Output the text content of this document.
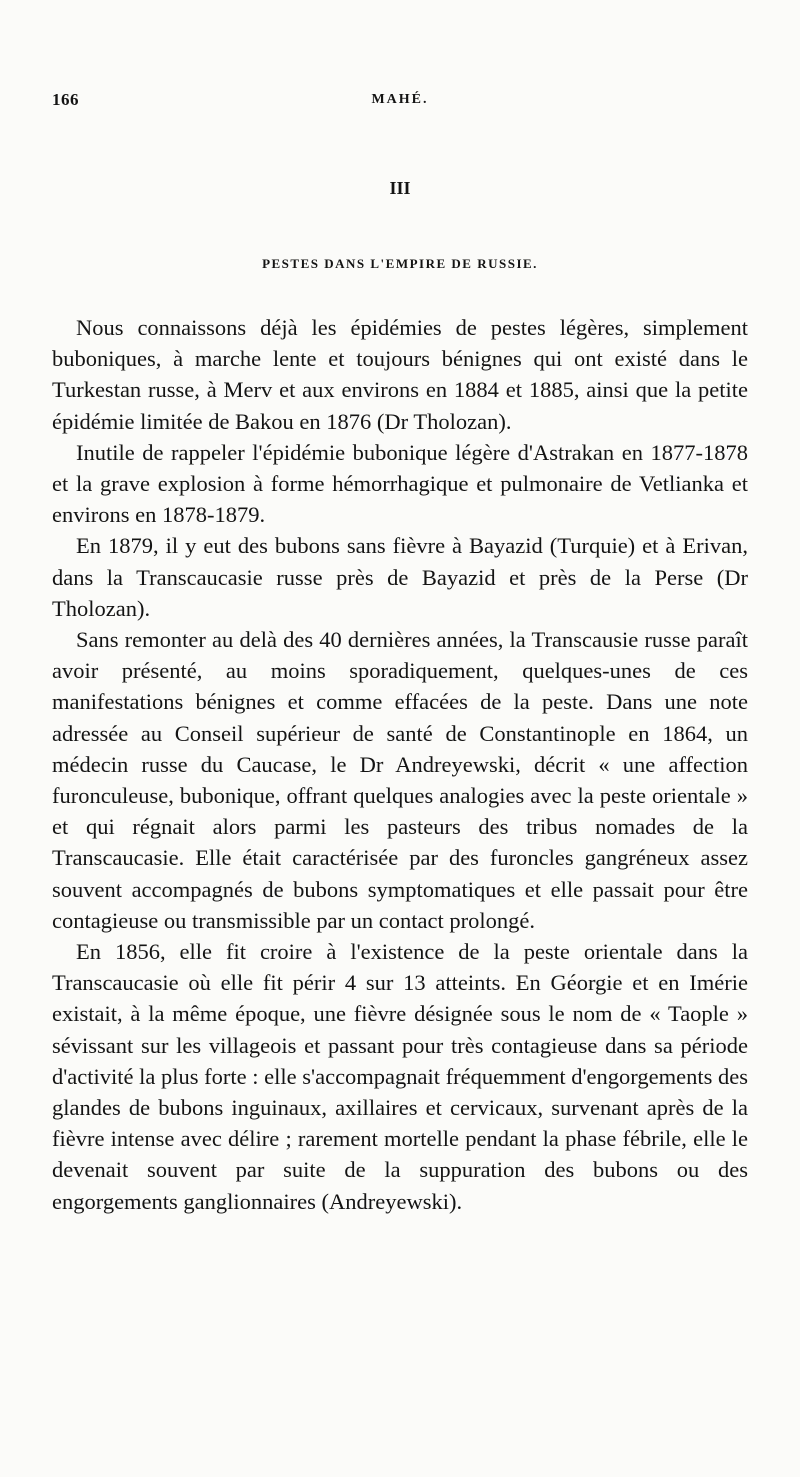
166	MAHÉ.
III
PESTES DANS L'EMPIRE DE RUSSIE.

Nous connaissons déjà les épidémies de pestes légères, simplement buboniques, à marche lente et toujours bénignes qui ont existé dans le Turkestan russe, à Merv et aux environs en 1884 et 1885, ainsi que la petite épidémie limitée de Bakou en 1876 (Dr Tholozan).

Inutile de rappeler l'épidémie bubonique légère d'Astrakan en 1877-1878 et la grave explosion à forme hémorrhagique et pulmonaire de Vetlianka et environs en 1878-1879.

En 1879, il y eut des bubons sans fièvre à Bayazid (Turquie) et à Erivan, dans la Transcaucasie russe près de Bayazid et près de la Perse (Dr Tholozan).

Sans remonter au delà des 40 dernières années, la Transcausie russe paraît avoir présenté, au moins sporadiquement, quelques-unes de ces manifestations bénignes et comme effacées de la peste. Dans une note adressée au Conseil supérieur de santé de Constantinople en 1864, un médecin russe du Caucase, le Dr Andreyewski, décrit « une affection furonculeuse, bubonique, offrant quelques analogies avec la peste orientale » et qui régnait alors parmi les pasteurs des tribus nomades de la Transcaucasie. Elle était caractérisée par des furoncles gangréneux assez souvent accompagnés de bubons symptomatiques et elle passait pour être contagieuse ou transmissible par un contact prolongé.

En 1856, elle fit croire à l'existence de la peste orientale dans la Transcaucasie où elle fit périr 4 sur 13 atteints. En Géorgie et en Imérie existait, à la même époque, une fièvre désignée sous le nom de « Taople » sévissant sur les villageois et passant pour très contagieuse dans sa période d'activité la plus forte : elle s'accompagnait fréquemment d'engorgements des glandes de bubons inguinaux, axillaires et cervicaux, survenant après de la fièvre intense avec délire ; rarement mortelle pendant la phase fébrile, elle le devenait souvent par suite de la suppuration des bubons ou des engorgements ganglionnaires (Andreyewski).
